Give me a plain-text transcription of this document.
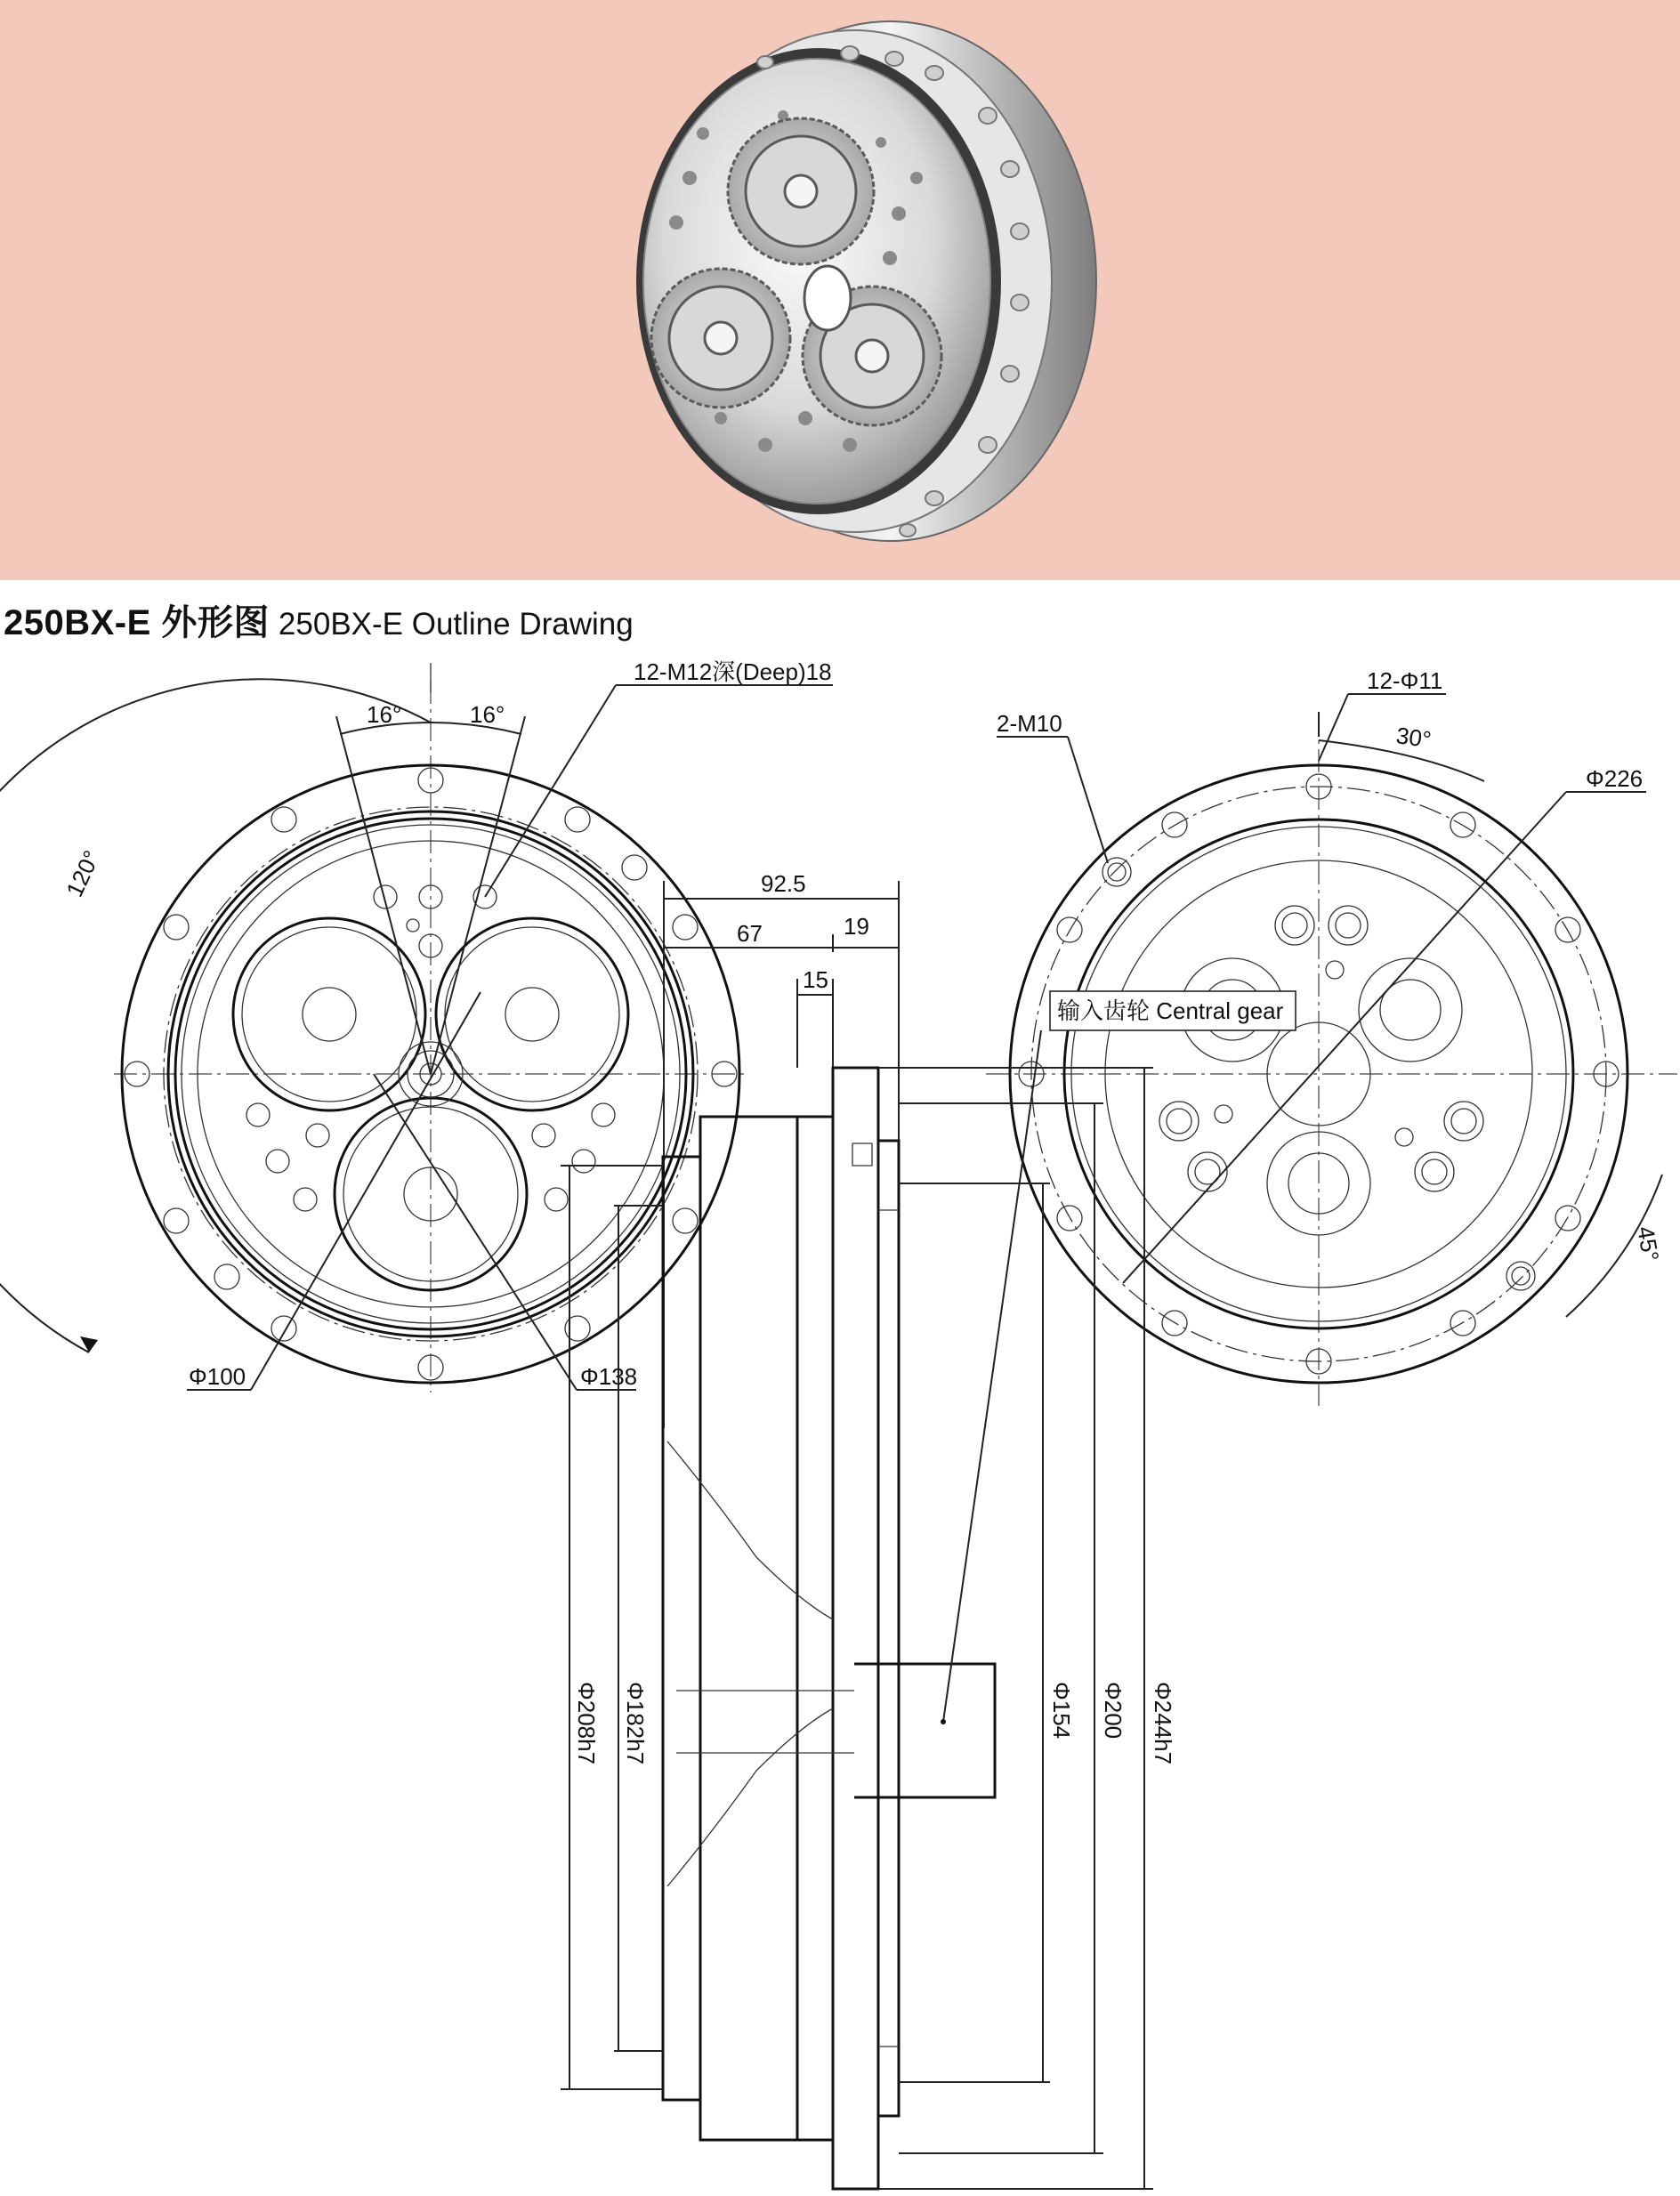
250BX-E 外形图 250BX-E Outline Drawing
16°	16°
120°
12-M12深(Deep)18
Φ100	Φ138
12-Φ11
30°
2-M10
Φ226
45°
92.5
67	19
15
Φ208h7 Φ182h7	Φ154 Φ200 Φ244h7
输入齿轮 Central gear
